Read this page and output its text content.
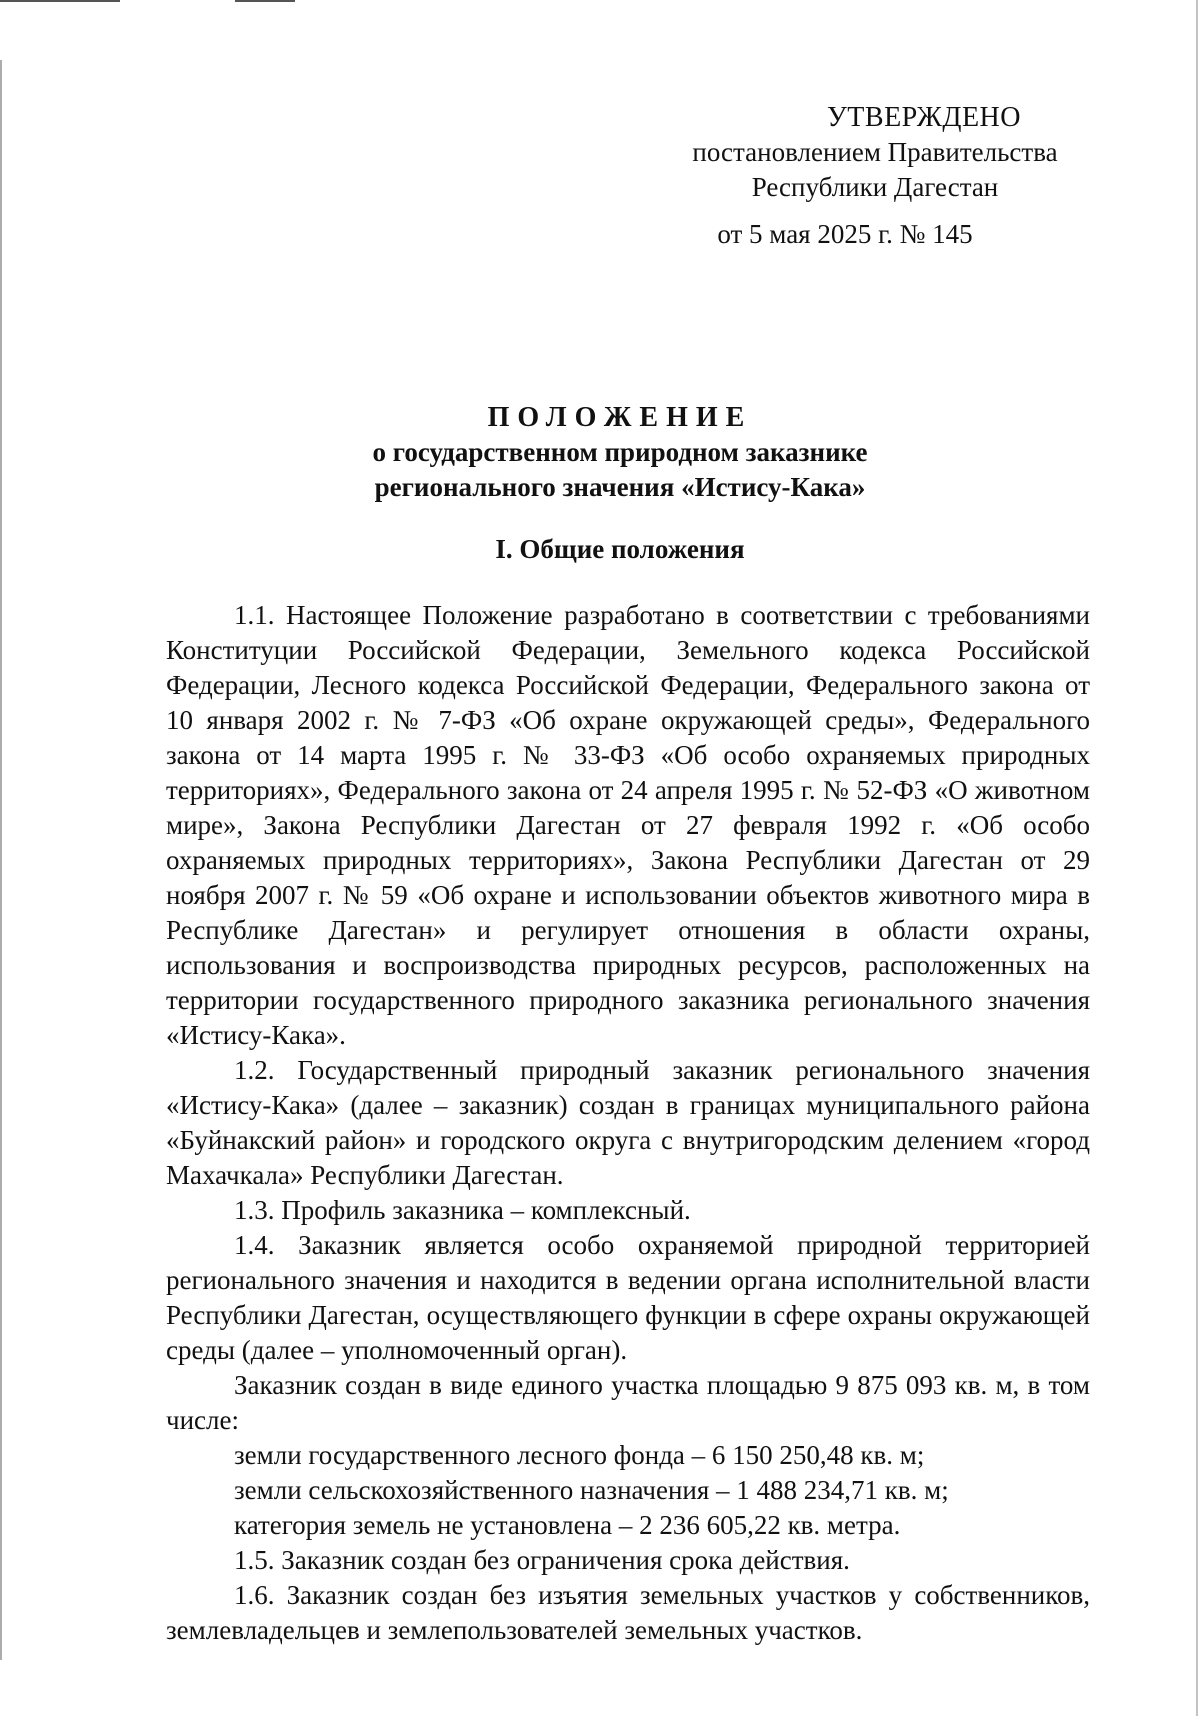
УТВЕРЖДЕНО
постановлением Правительства
Республики Дагестан
от 5 мая 2025 г. № 145
ПОЛОЖЕНИЕ
о государственном природном заказнике
регионального значения «Истису-Кака»
I. Общие положения

1.1. Настоящее Положение разработано в соответствии с требованиями Конституции Российской Федерации, Земельного кодекса Российской Федерации, Лесного кодекса Российской Федерации, Федерального закона от 10 января 2002 г. № 7-ФЗ «Об охране окружающей среды», Федерального закона от 14 марта 1995 г. № 33-ФЗ «Об особо охраняемых природных территориях», Федерального закона от 24 апреля 1995 г. № 52-ФЗ «О животном мире», Закона Республики Дагестан от 27 февраля 1992 г. «Об особо охраняемых природных территориях», Закона Республики Дагестан от 29 ноября 2007 г. № 59 «Об охране и использовании объектов животного мира в Республике Дагестан» и регулирует отношения в области охраны, использования и воспроизводства природных ресурсов, расположенных на территории государственного природного заказника регионального значения «Истису-Кака».

1.2. Государственный природный заказник регионального значения «Истису-Кака» (далее – заказник) создан в границах муниципального района «Буйнакский район» и городского округа с внутригородским делением «город Махачкала» Республики Дагестан.

1.3. Профиль заказника – комплексный.

1.4. Заказник является особо охраняемой природной территорией регионального значения и находится в ведении органа исполнительной власти Республики Дагестан, осуществляющего функции в сфере охраны окружающей среды (далее – уполномоченный орган).

Заказник создан в виде единого участка площадью 9 875 093 кв. м, в том числе:

земли государственного лесного фонда – 6 150 250,48 кв. м;

земли сельскохозяйственного назначения – 1 488 234,71 кв. м;

категория земель не установлена – 2 236 605,22 кв. метра.

1.5. Заказник создан без ограничения срока действия.

1.6. Заказник создан без изъятия земельных участков у собственников, землевладельцев и землепользователей земельных участков.
